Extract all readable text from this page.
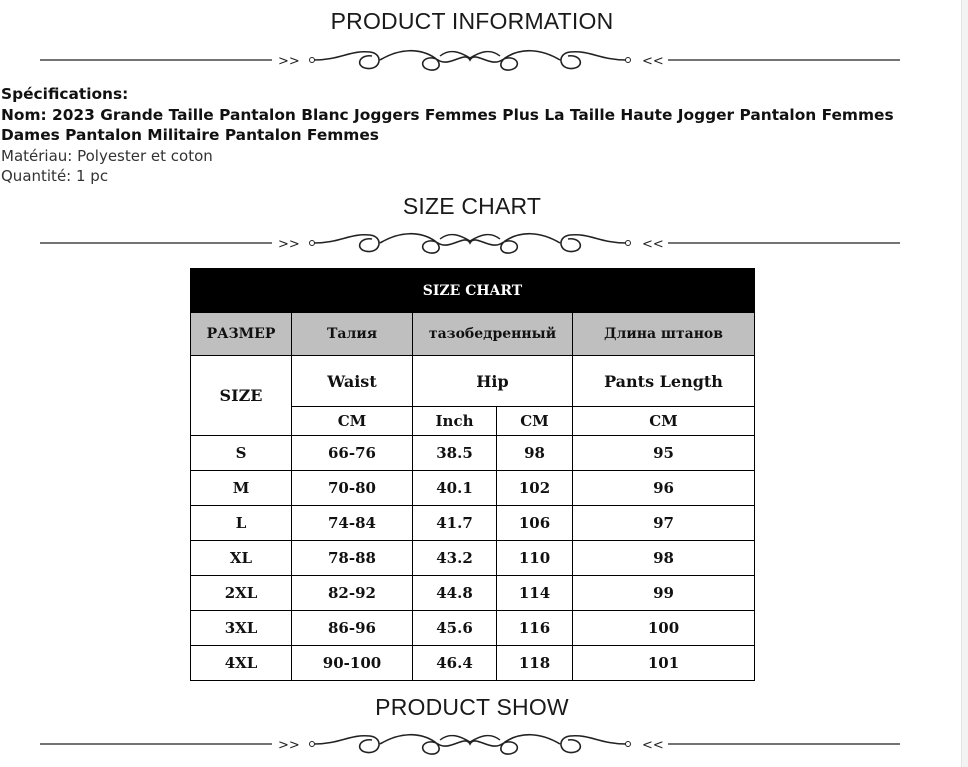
PRODUCT INFORMATION
>>	<<
Spécifications:
Nom: 2023 Grande Taille Pantalon Blanc Joggers Femmes Plus La Taille Haute Jogger Pantalon Femmes Dames Pantalon Militaire Pantalon Femmes
Matériau: Polyester et coton
Quantité: 1 pc
SIZE CHART
>>	<<
SIZE CHART				
РАЗМЕР	Талия	тазобедренный		Длина штанов
SIZE	Waist	Hip		Pants Length
	CM	Inch	CM	CM
S	66-76	38.5	98	95
M	70-80	40.1	102	96
L	74-84	41.7	106	97
XL	78-88	43.2	110	98
2XL	82-92	44.8	114	99
3XL	86-96	45.6	116	100
4XL	90-100	46.4	118	101
PRODUCT SHOW
>>	<<
